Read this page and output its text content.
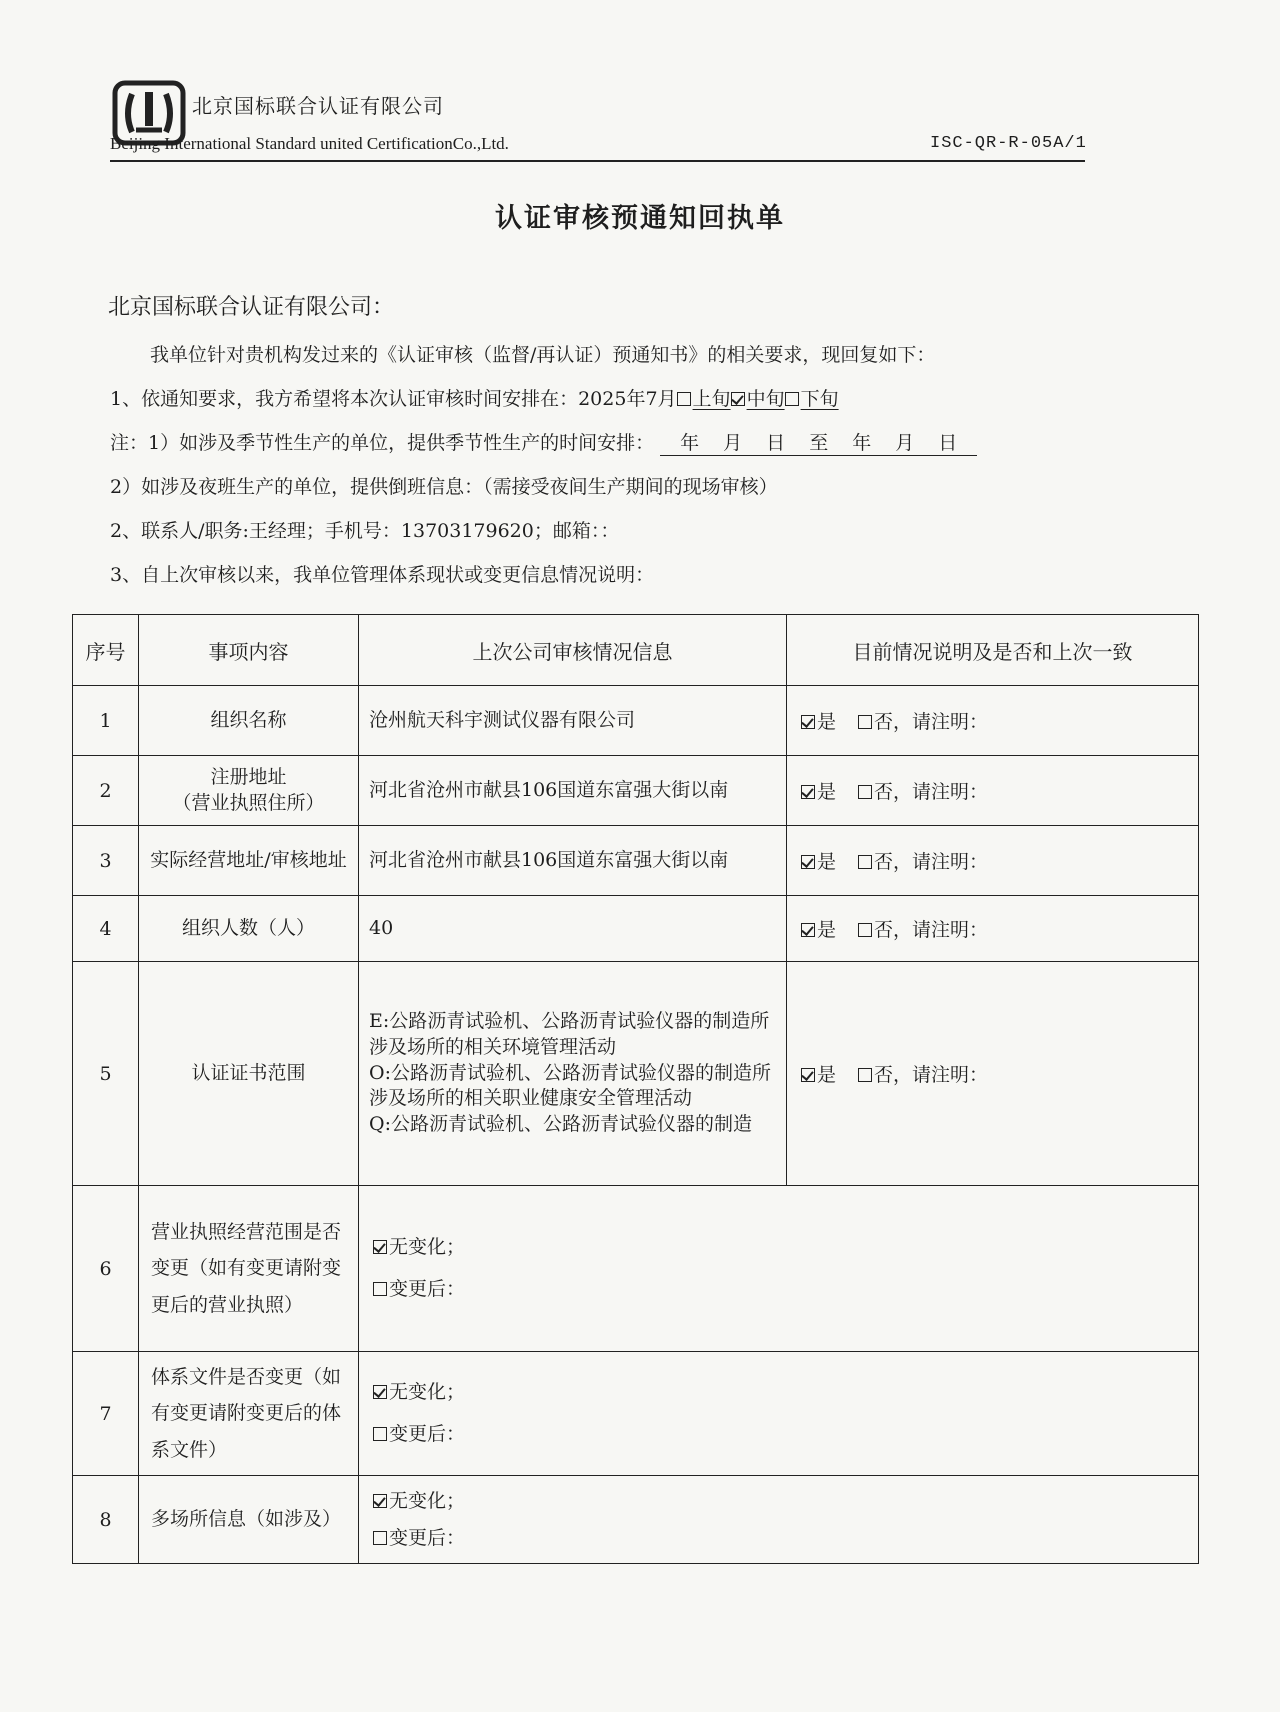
北京国标联合认证有限公司
Beijing International Standard united CertificationCo.,Ltd.	ISC-QR-R-05A/1
认证审核预通知回执单
北京国标联合认证有限公司：
我单位针对贵机构发过来的《认证审核（监督/再认证）预通知书》的相关要求，现回复如下：
1、依通知要求，我方希望将本次认证审核时间安排在：2025年7月 上旬 中旬 下旬
注：1）如涉及季节性生产的单位，提供季节性生产的时间安排： 年 月 日 至 年 月 日
2）如涉及夜班生产的单位，提供倒班信息：（需接受夜间生产期间的现场审核）
2、联系人/职务:王经理；手机号：13703179620；邮箱：：
3、自上次审核以来，我单位管理体系现状或变更信息情况说明：
序号	事项内容	上次公司审核情况信息	目前情况说明及是否和上次一致
1	组织名称	沧州航天科宇测试仪器有限公司	是 否，请注明：
2	注册地址
（营业执照住所）	河北省沧州市献县106国道东富强大街以南	是 否，请注明：
3	实际经营地址/审核地址	河北省沧州市献县106国道东富强大街以南	是 否，请注明：
4	组织人数（人）	40	是 否，请注明：
5	认证证书范围	E:公路沥青试验机、公路沥青试验仪器的制造所涉及场所的相关环境管理活动
O:公路沥青试验机、公路沥青试验仪器的制造所涉及场所的相关职业健康安全管理活动
Q:公路沥青试验机、公路沥青试验仪器的制造	是 否，请注明：
6	营业执照经营范围是否变更（如有变更请附变更后的营业执照）	无变化；
变更后：	

7	体系文件是否变更（如有变更请附变更后的体系文件）	无变化；
变更后：	

8	多场所信息（如涉及）	无变化；
变更后：	
